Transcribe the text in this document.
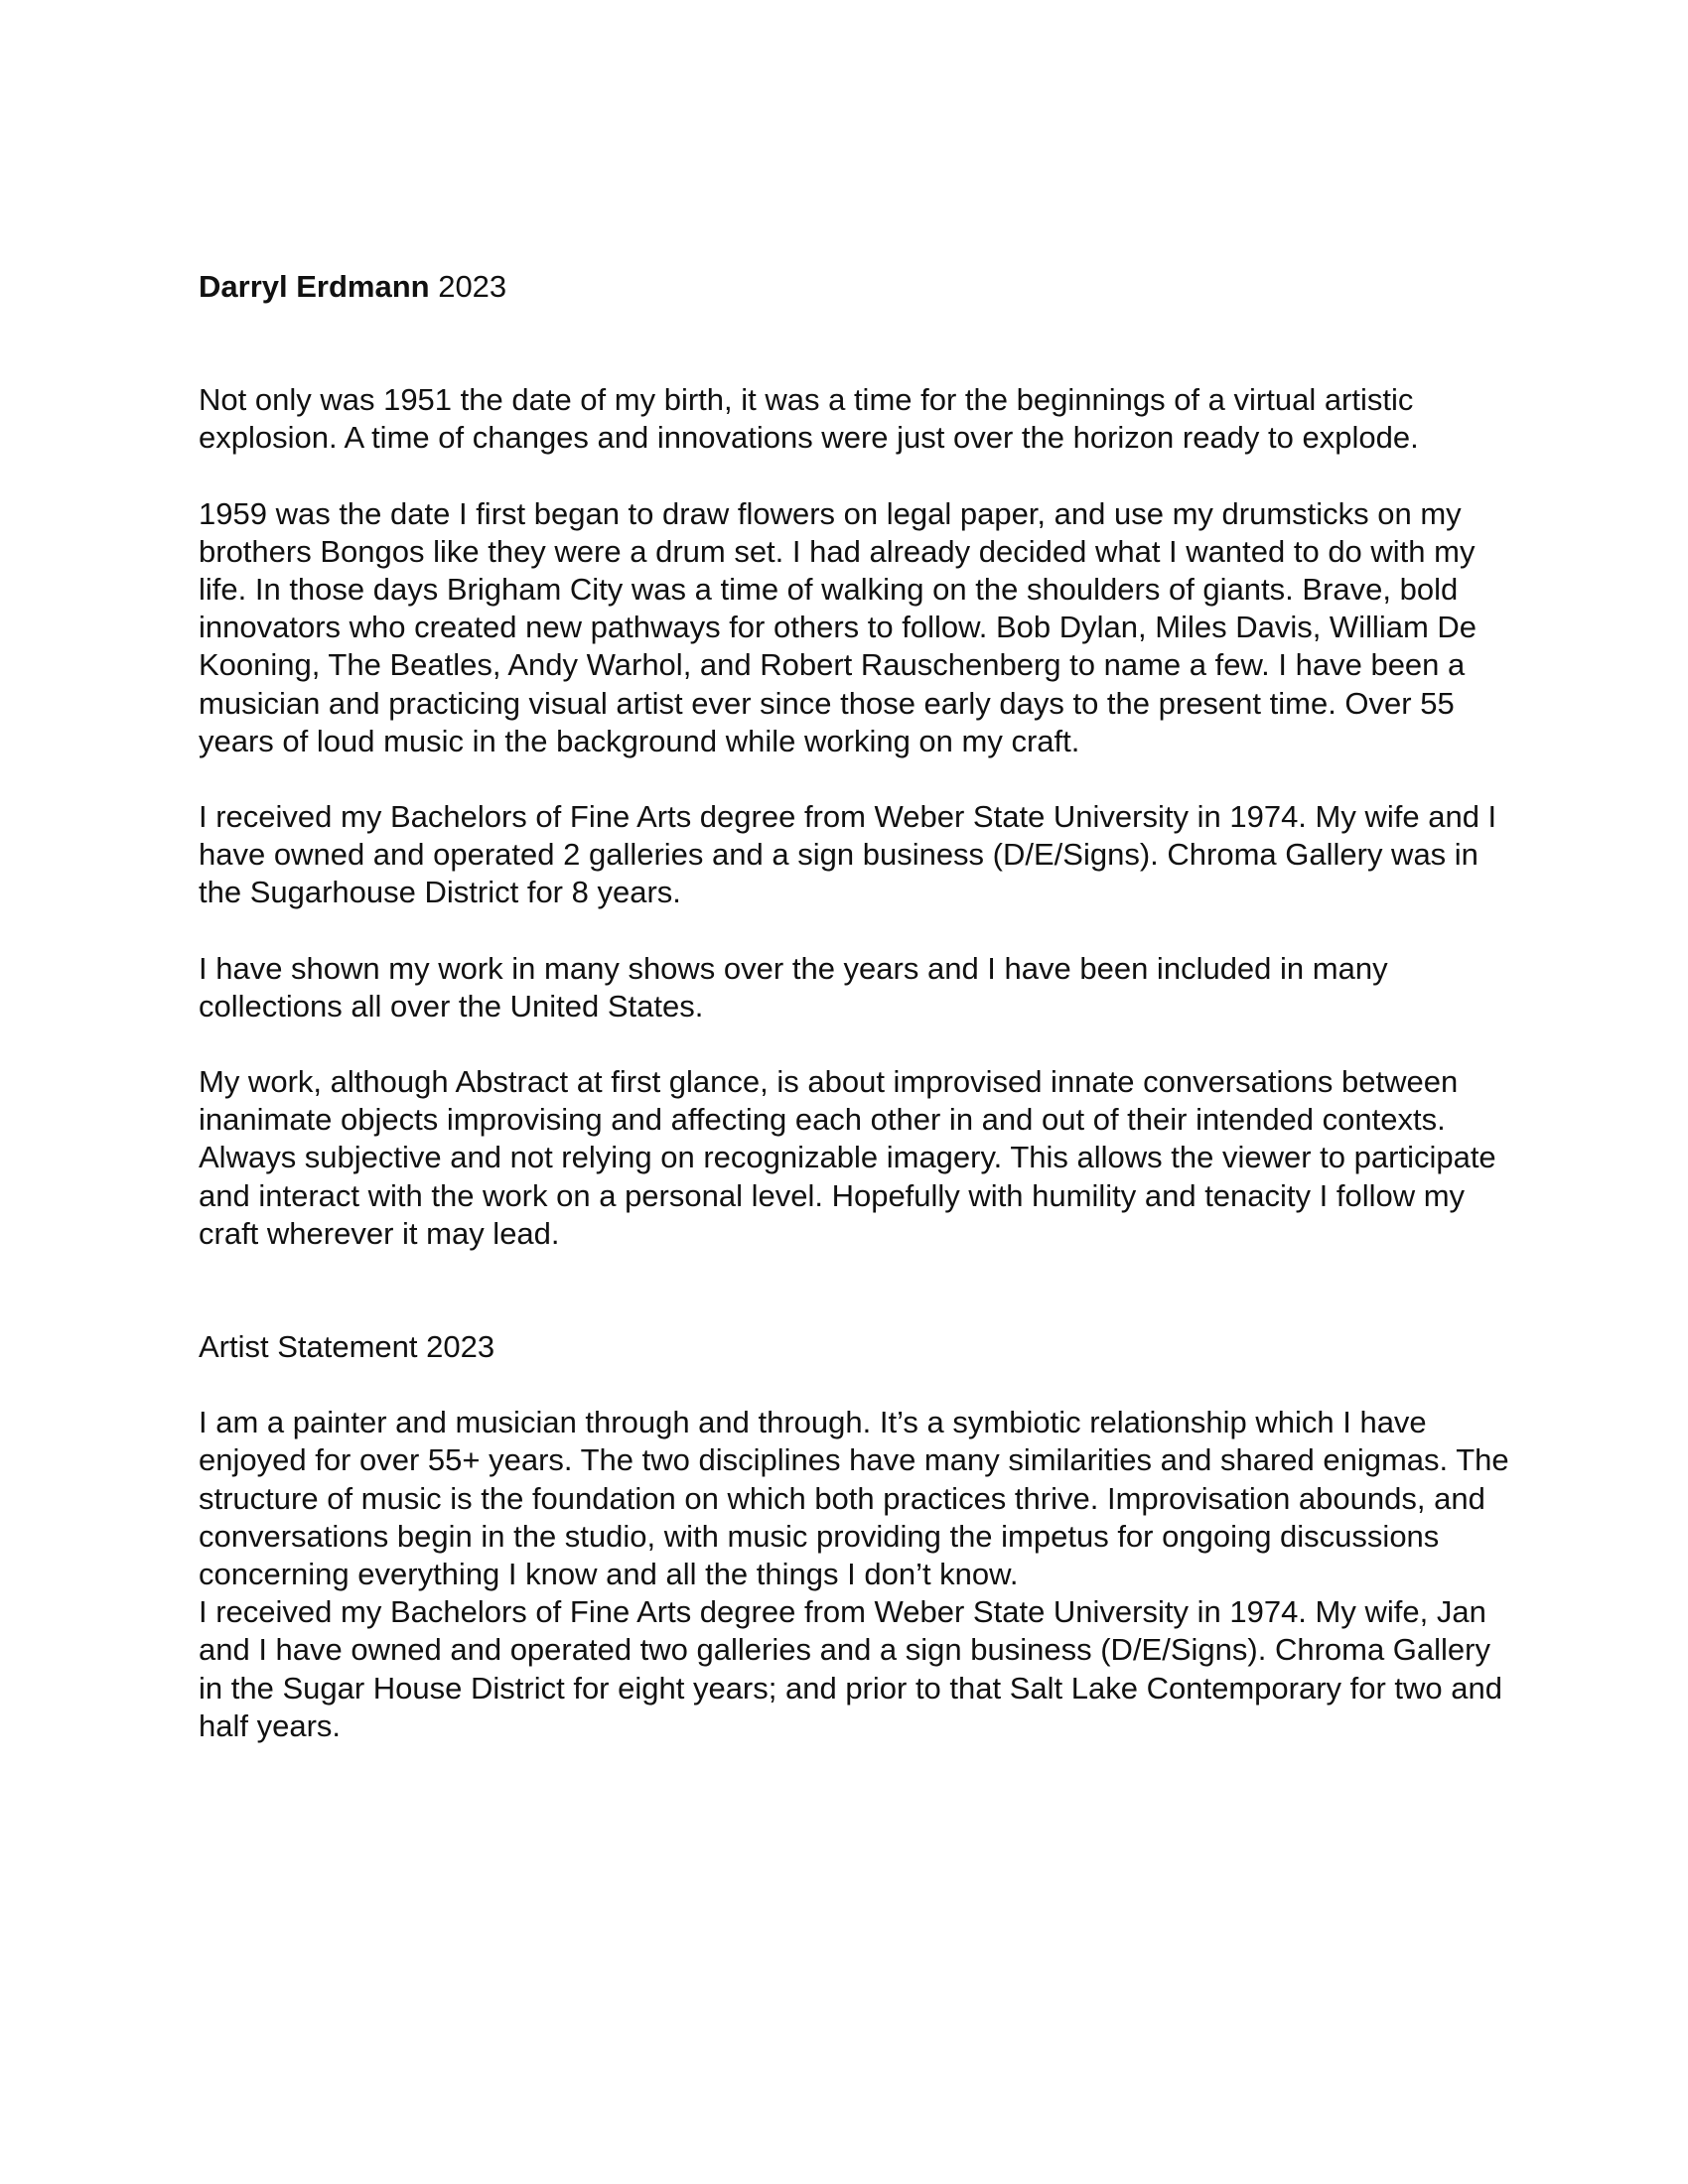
Darryl Erdmann 2023

Not only was 1951 the date of my birth, it was a time for the beginnings of a virtual artistic explosion. A time of changes and innovations were just over the horizon ready to explode.

1959 was the date I first began to draw flowers on legal paper, and use my drumsticks on my brothers Bongos like they were a drum set. I had already decided what I wanted to do with my life. In those days Brigham City was a time of walking on the shoulders of giants. Brave, bold innovators who created new pathways for others to follow. Bob Dylan, Miles Davis, William De Kooning, The Beatles, Andy Warhol, and Robert Rauschenberg to name a few. I have been a musician and practicing visual artist ever since those early days to the present time. Over 55 years of loud music in the background while working on my craft.

I received my Bachelors of Fine Arts degree from Weber State University in 1974. My wife and I have owned and operated 2 galleries and a sign business (D/E/Signs). Chroma Gallery was in the Sugarhouse District for 8 years.

I have shown my work in many shows over the years and I have been included in many collections all over the United States.

My work, although Abstract at first glance, is about improvised innate conversations between inanimate objects improvising and affecting each other in and out of their intended contexts. Always subjective and not relying on recognizable imagery. This allows the viewer to participate and interact with the work on a personal level. Hopefully with humility and tenacity I follow my craft wherever it may lead.

Artist Statement 2023

I am a painter and musician through and through. It’s a symbiotic relationship which I have enjoyed for over 55+ years. The two disciplines have many similarities and shared enigmas. The structure of music is the foundation on which both practices thrive. Improvisation abounds, and conversations begin in the studio, with music providing the impetus for ongoing discussions concerning everything I know and all the things I don’t know.

I received my Bachelors of Fine Arts degree from Weber State University in 1974. My wife, Jan and I have owned and operated two galleries and a sign business (D/E/Signs). Chroma Gallery in the Sugar House District for eight years; and prior to that Salt Lake Contemporary for two and half years.
